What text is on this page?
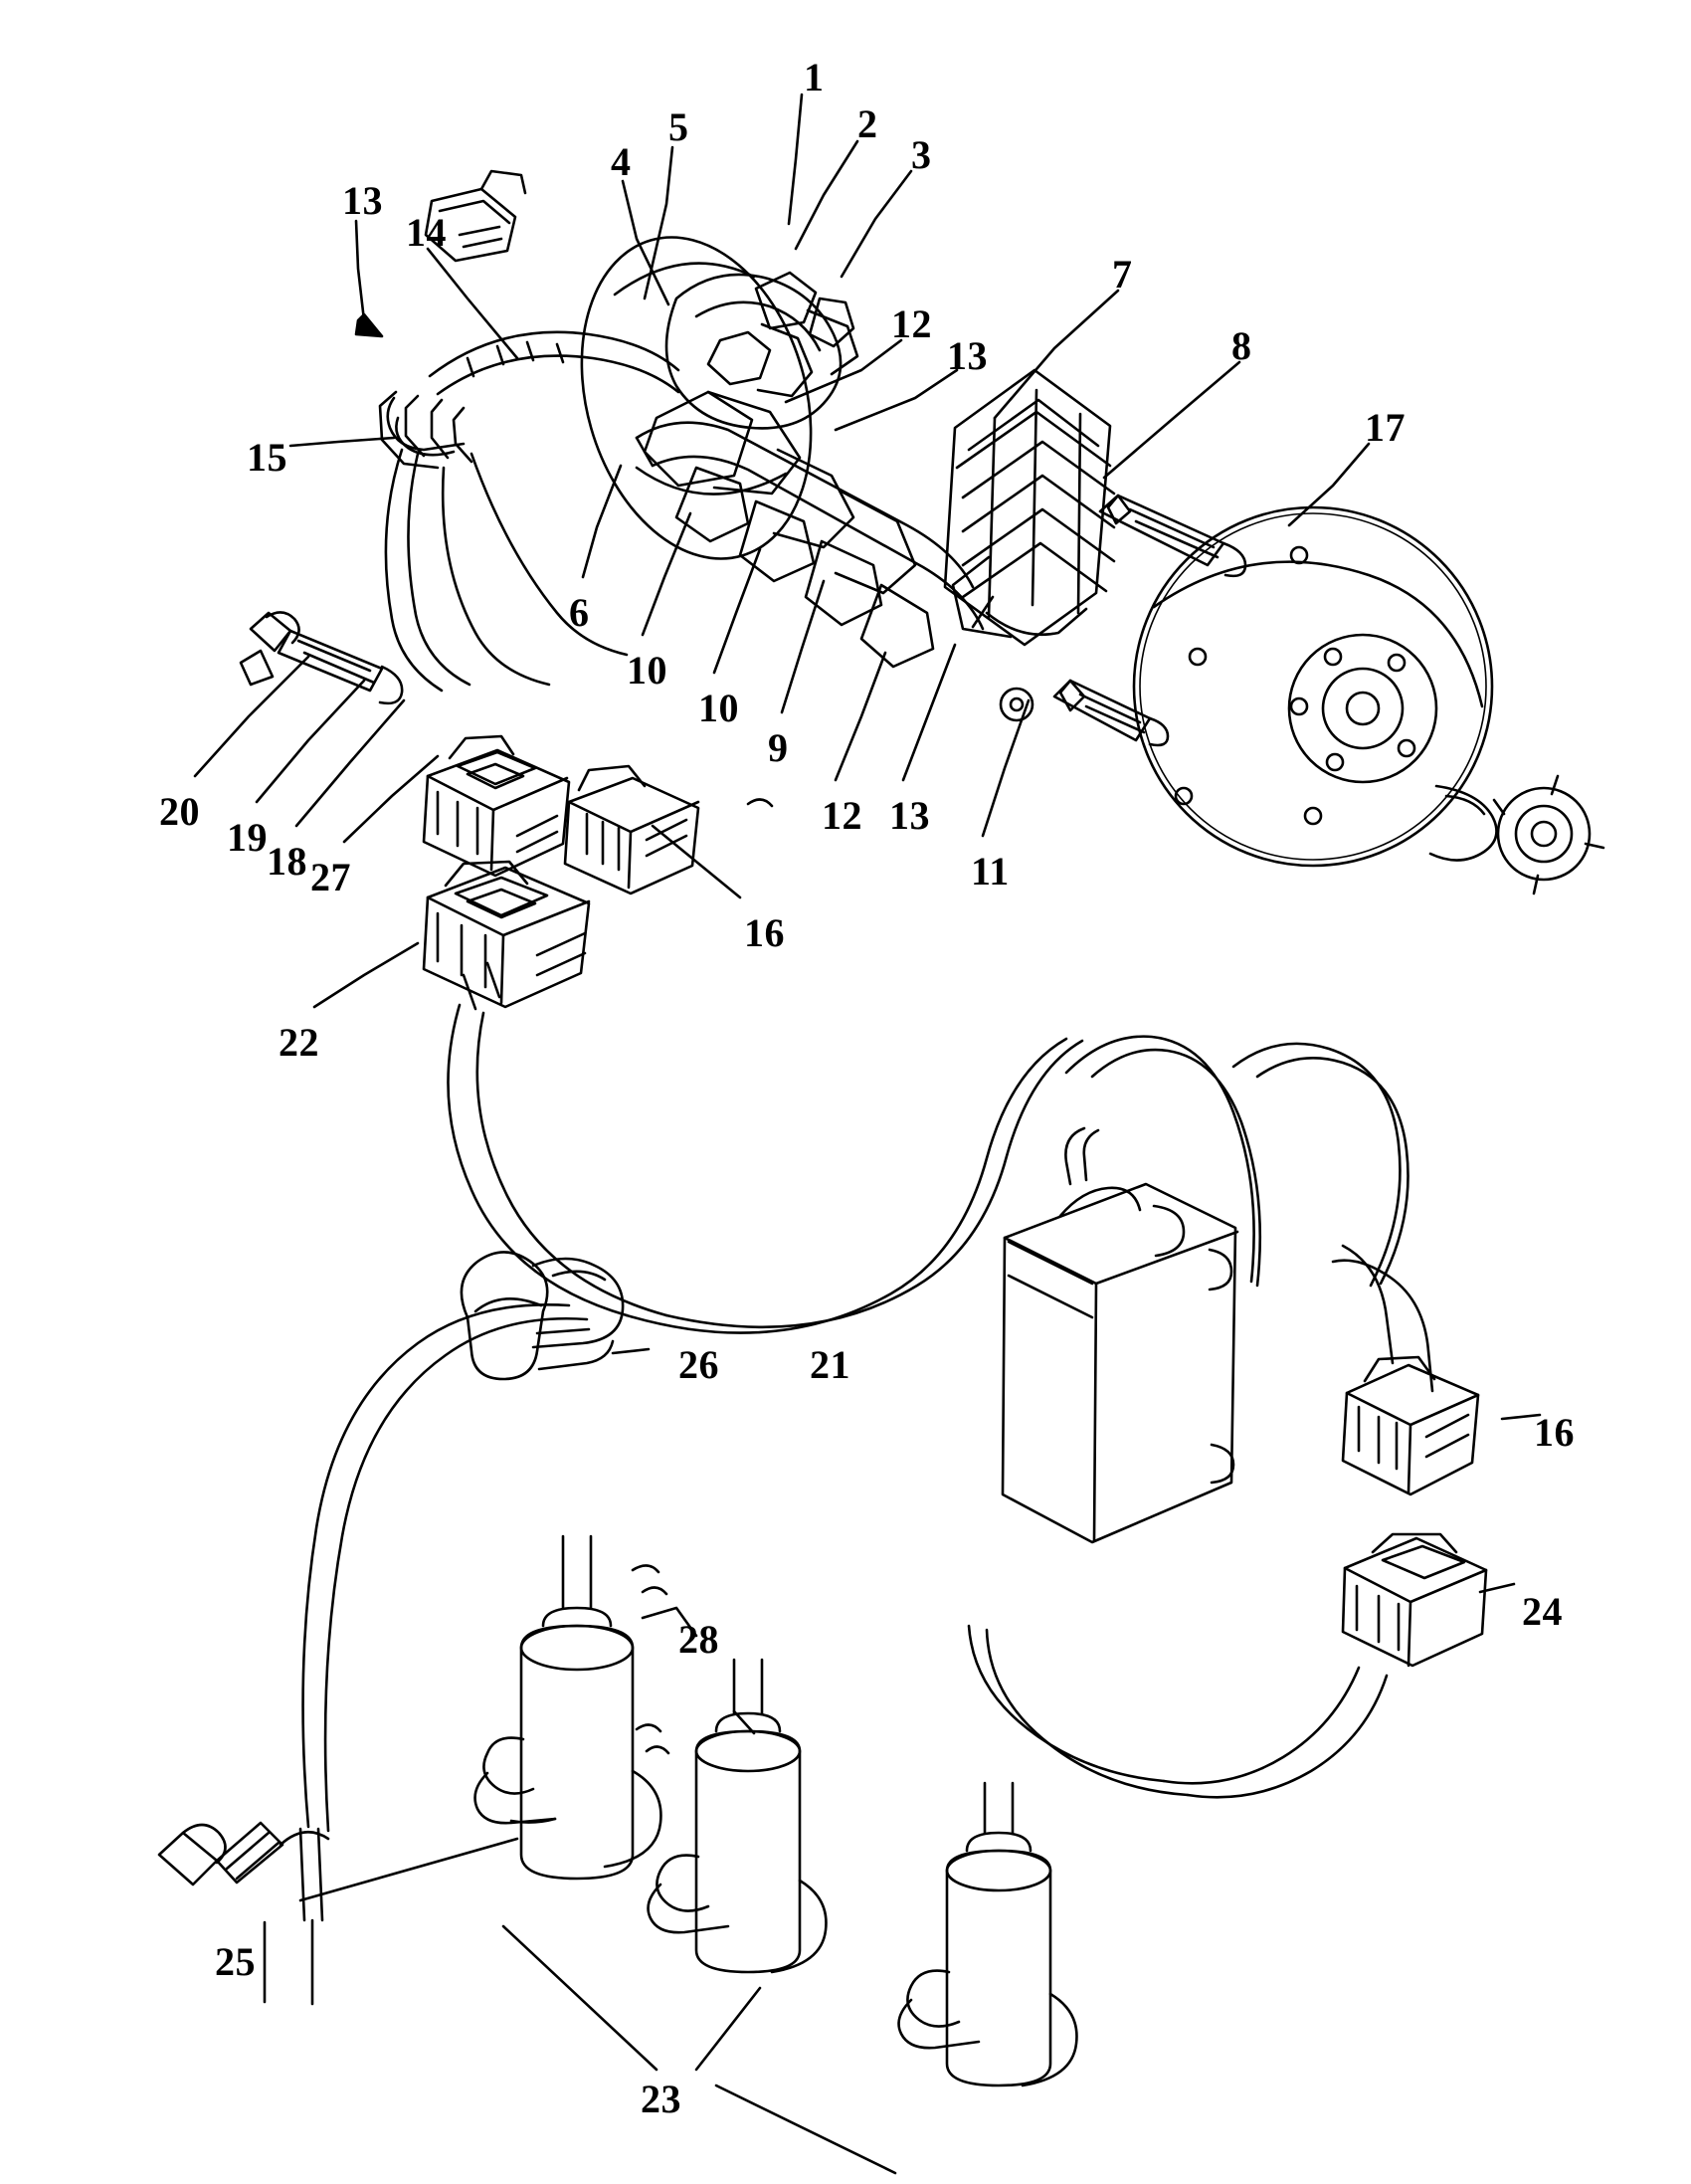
1
5	2
3
4
13
14
7
12
13	8
17
15
6
10
10
9
12 13
11
20
19
18 27
16
22
26 21
16
24
28
25
23
